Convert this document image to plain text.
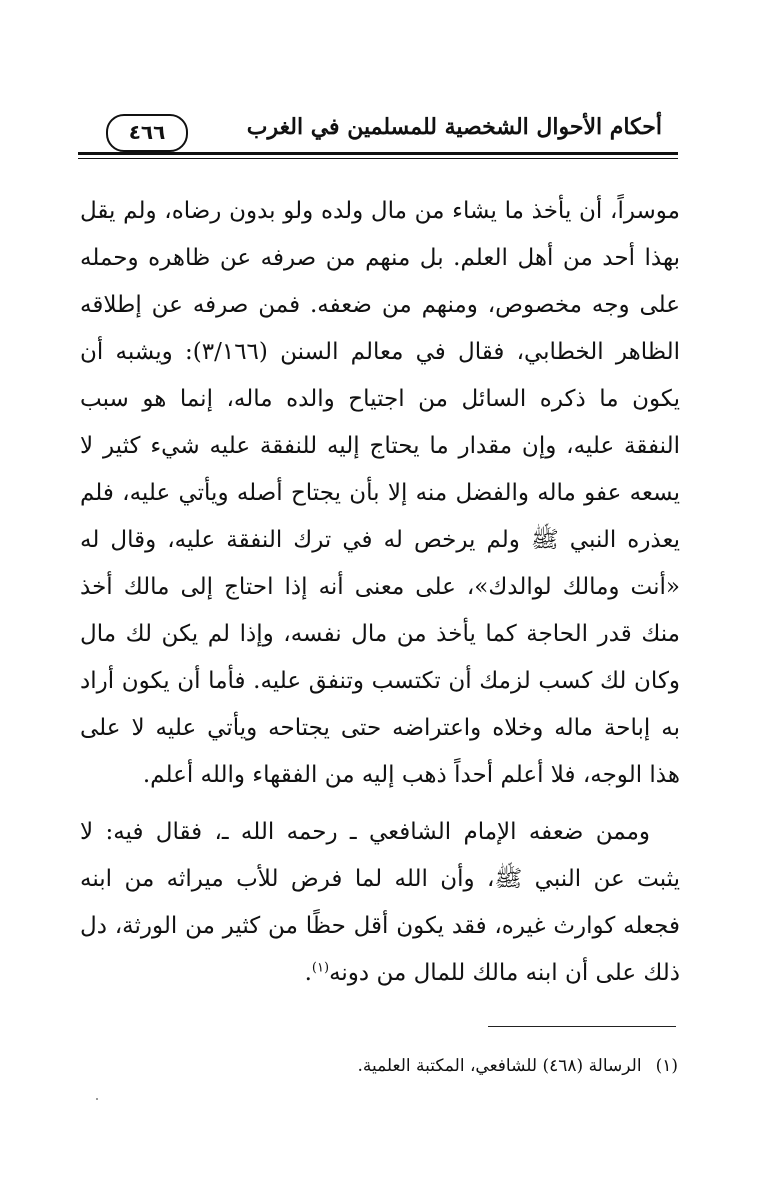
أحكام الأحوال الشخصية للمسلمين في الغرب
٤٦٦

موسراً، أن يأخذ ما يشاء من مال ولده ولو بدون رضاه، ولم يقل بهذا أحد من أهل العلم. بل منهم من صرفه عن ظاهره وحمله على وجه مخصوص، ومنهم من ضعفه. فمن صرفه عن إطلاقه الظاهر الخطابي، فقال في معالم السنن (٣/١٦٦): ويشبه أن يكون ما ذكره السائل من اجتياح والده ماله، إنما هو سبب النفقة عليه، وإن مقدار ما يحتاج إليه للنفقة عليه شيء كثير لا يسعه عفو ماله والفضل منه إلا بأن يجتاح أصله ويأتي عليه، فلم يعذره النبي ﷺ ولم يرخص له في ترك النفقة عليه، وقال له «أنت ومالك لوالدك»، على معنى أنه إذا احتاج إلى مالك أخذ منك قدر الحاجة كما يأخذ من مال نفسه، وإذا لم يكن لك مال وكان لك كسب لزمك أن تكتسب وتنفق عليه. فأما أن يكون أراد به إباحة ماله وخلاه واعتراضه حتى يجتاحه ويأتي عليه لا على هذا الوجه، فلا أعلم أحداً ذهب إليه من الفقهاء والله أعلم.

وممن ضعفه الإمام الشافعي ـ رحمه الله ـ، فقال فيه: لا يثبت عن النبي ﷺ، وأن الله لما فرض للأب ميراثه من ابنه فجعله كوارث غيره، فقد يكون أقل حظًا من كثير من الورثة، دل ذلك على أن ابنه مالك للمال من دونه$^{(١)}$.

(١)الرسالة (٤٦٨) للشافعي، المكتبة العلمية.
